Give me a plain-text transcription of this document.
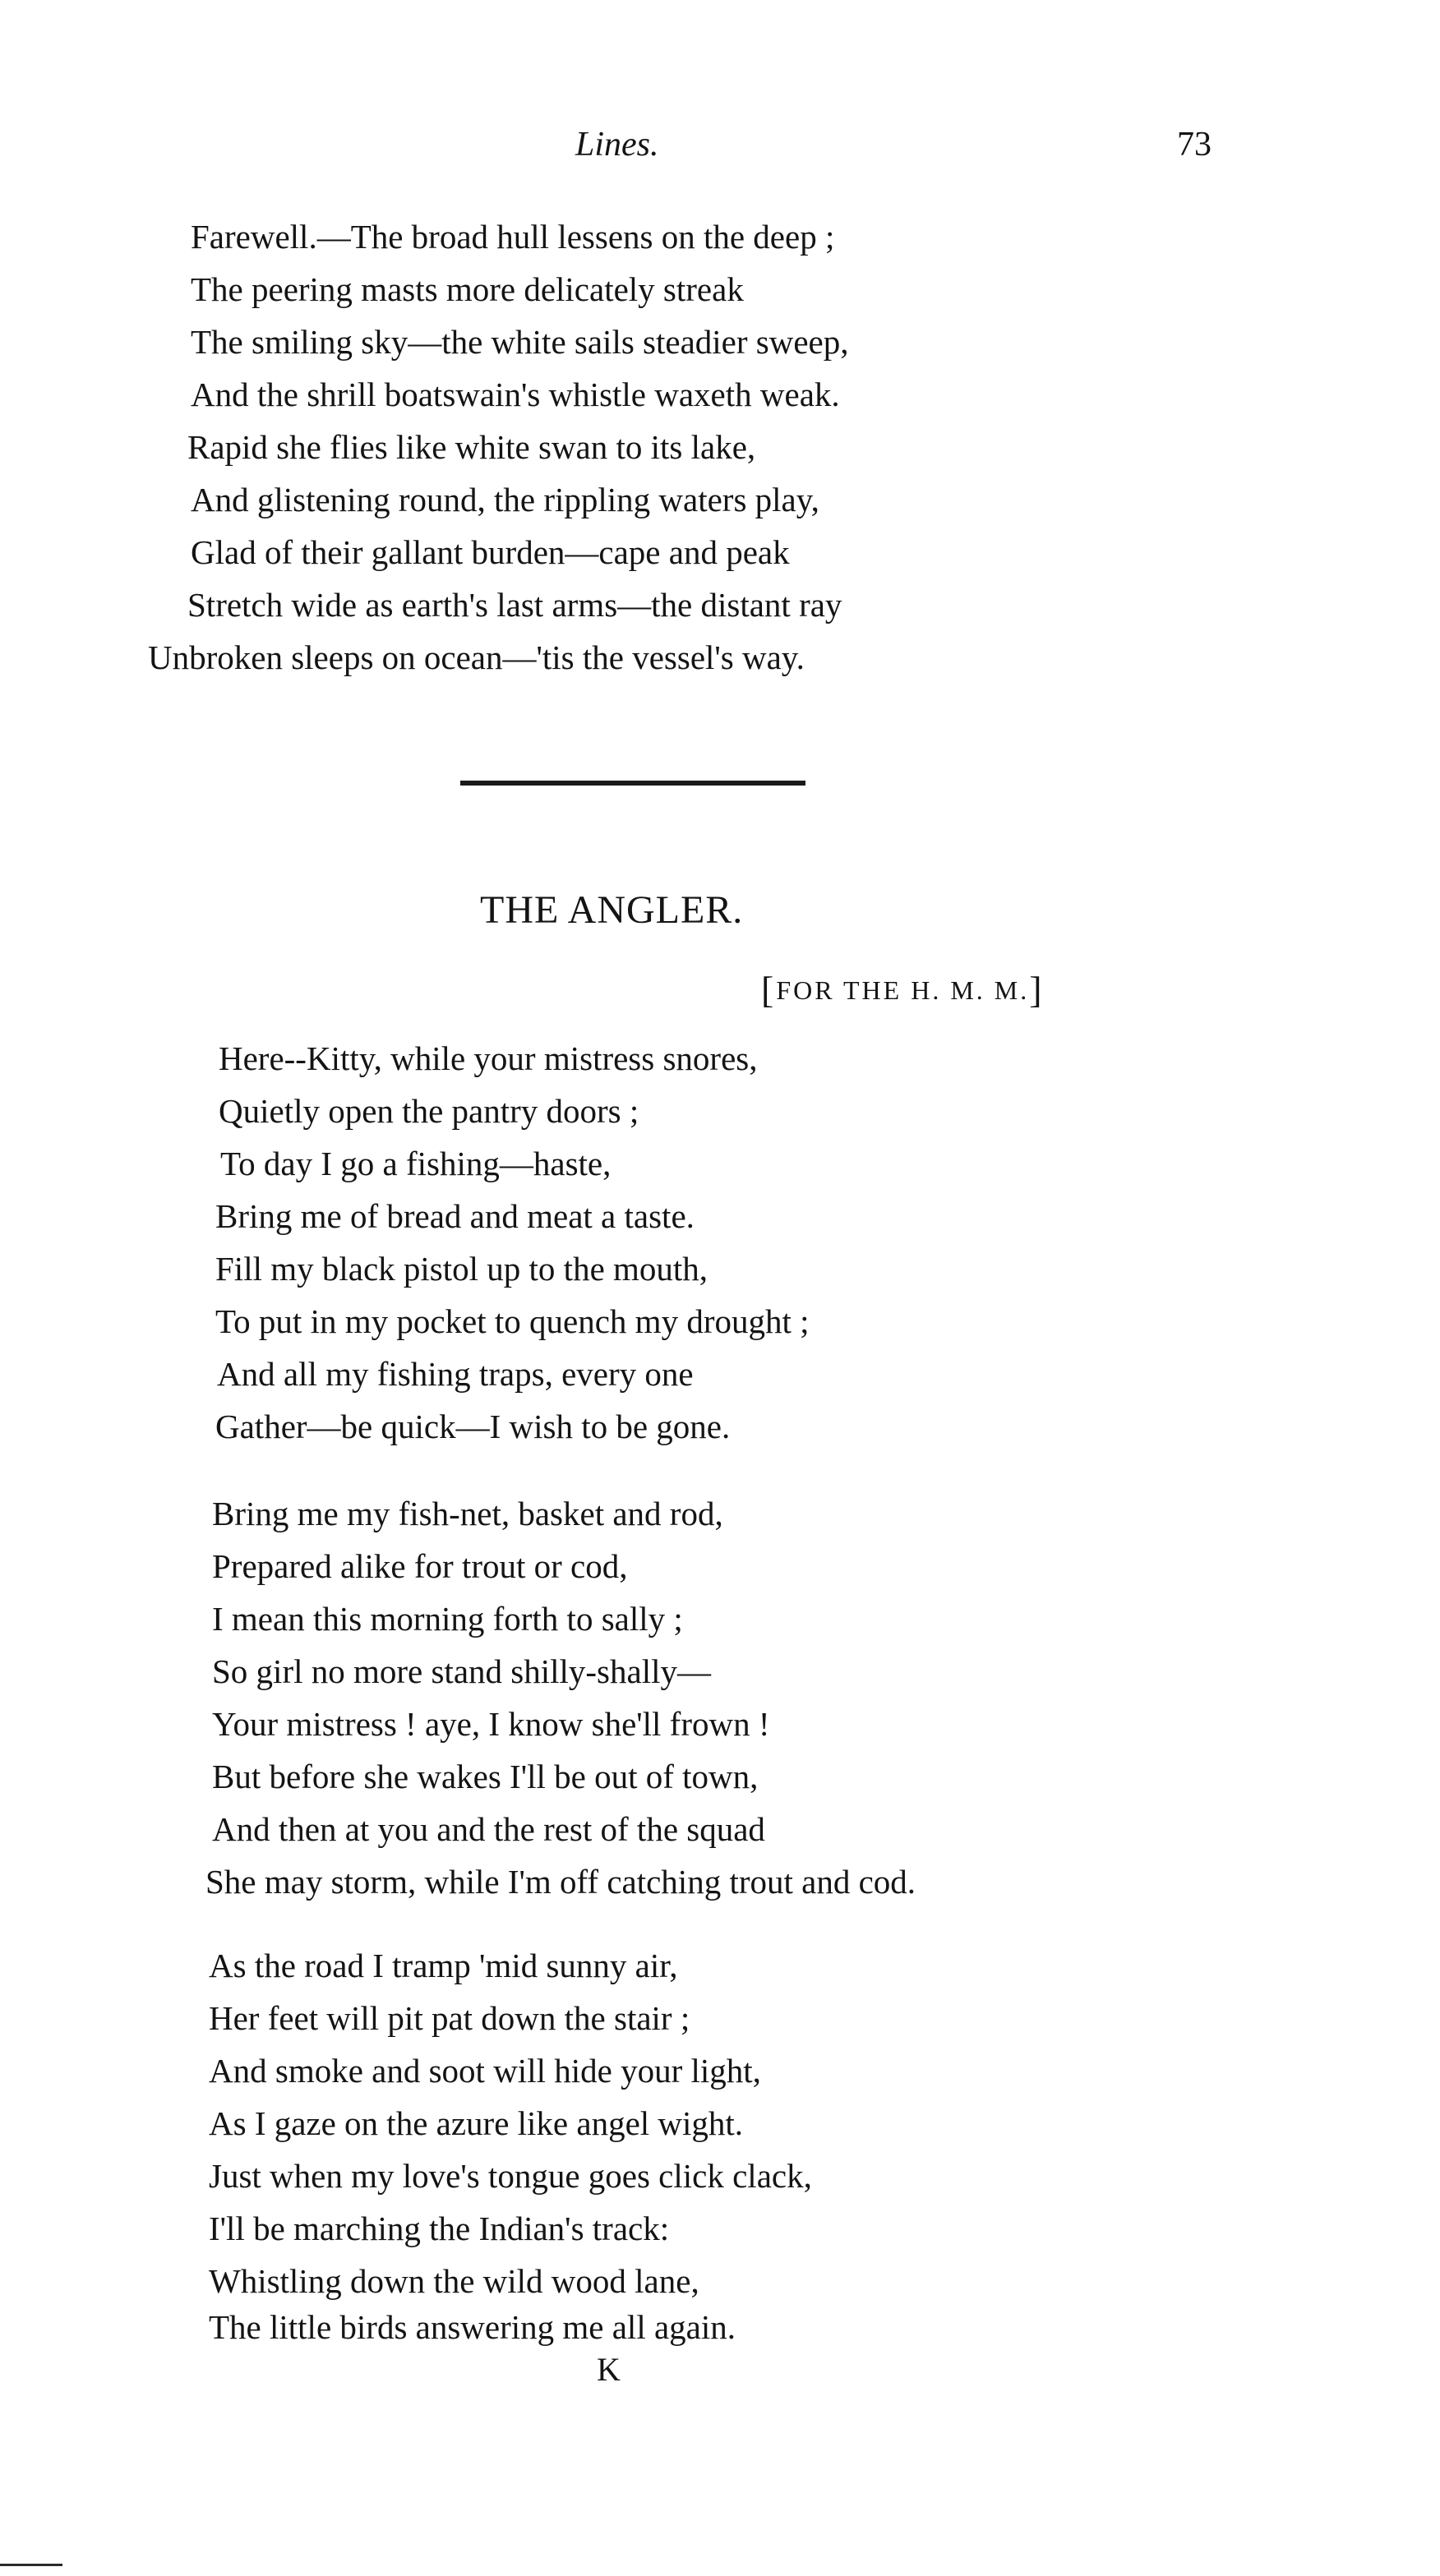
Lines.	73
Farewell.—The broad hull lessens on the deep ;
The peering masts more delicately streak
The smiling sky—the white sails steadier sweep,
And the shrill boatswain's whistle waxeth weak.
Rapid she flies like white swan to its lake,
And glistening round, the rippling waters play,
Glad of their gallant burden—cape and peak
Stretch wide as earth's last arms—the distant ray
Unbroken sleeps on ocean—'tis the vessel's way.
THE ANGLER.
[FOR THE H. M. M.]
Here--Kitty, while your mistress snores,
Quietly open the pantry doors ;
To day I go a fishing—haste,
Bring me of bread and meat a taste.
Fill my black pistol up to the mouth,
To put in my pocket to quench my drought ;
And all my fishing traps, every one
Gather—be quick—I wish to be gone.
Bring me my fish-net, basket and rod,
Prepared alike for trout or cod,
I mean this morning forth to sally ;
So girl no more stand shilly-shally—
Your mistress ! aye, I know she'll frown !
But before she wakes I'll be out of town,
And then at you and the rest of the squad
She may storm, while I'm off catching trout and cod.
As the road I tramp 'mid sunny air,
Her feet will pit pat down the stair ;
And smoke and soot will hide your light,
As I gaze on the azure like angel wight.
Just when my love's tongue goes click clack,
I'll be marching the Indian's track:
Whistling down the wild wood lane,
The little birds answering me all again.
K
